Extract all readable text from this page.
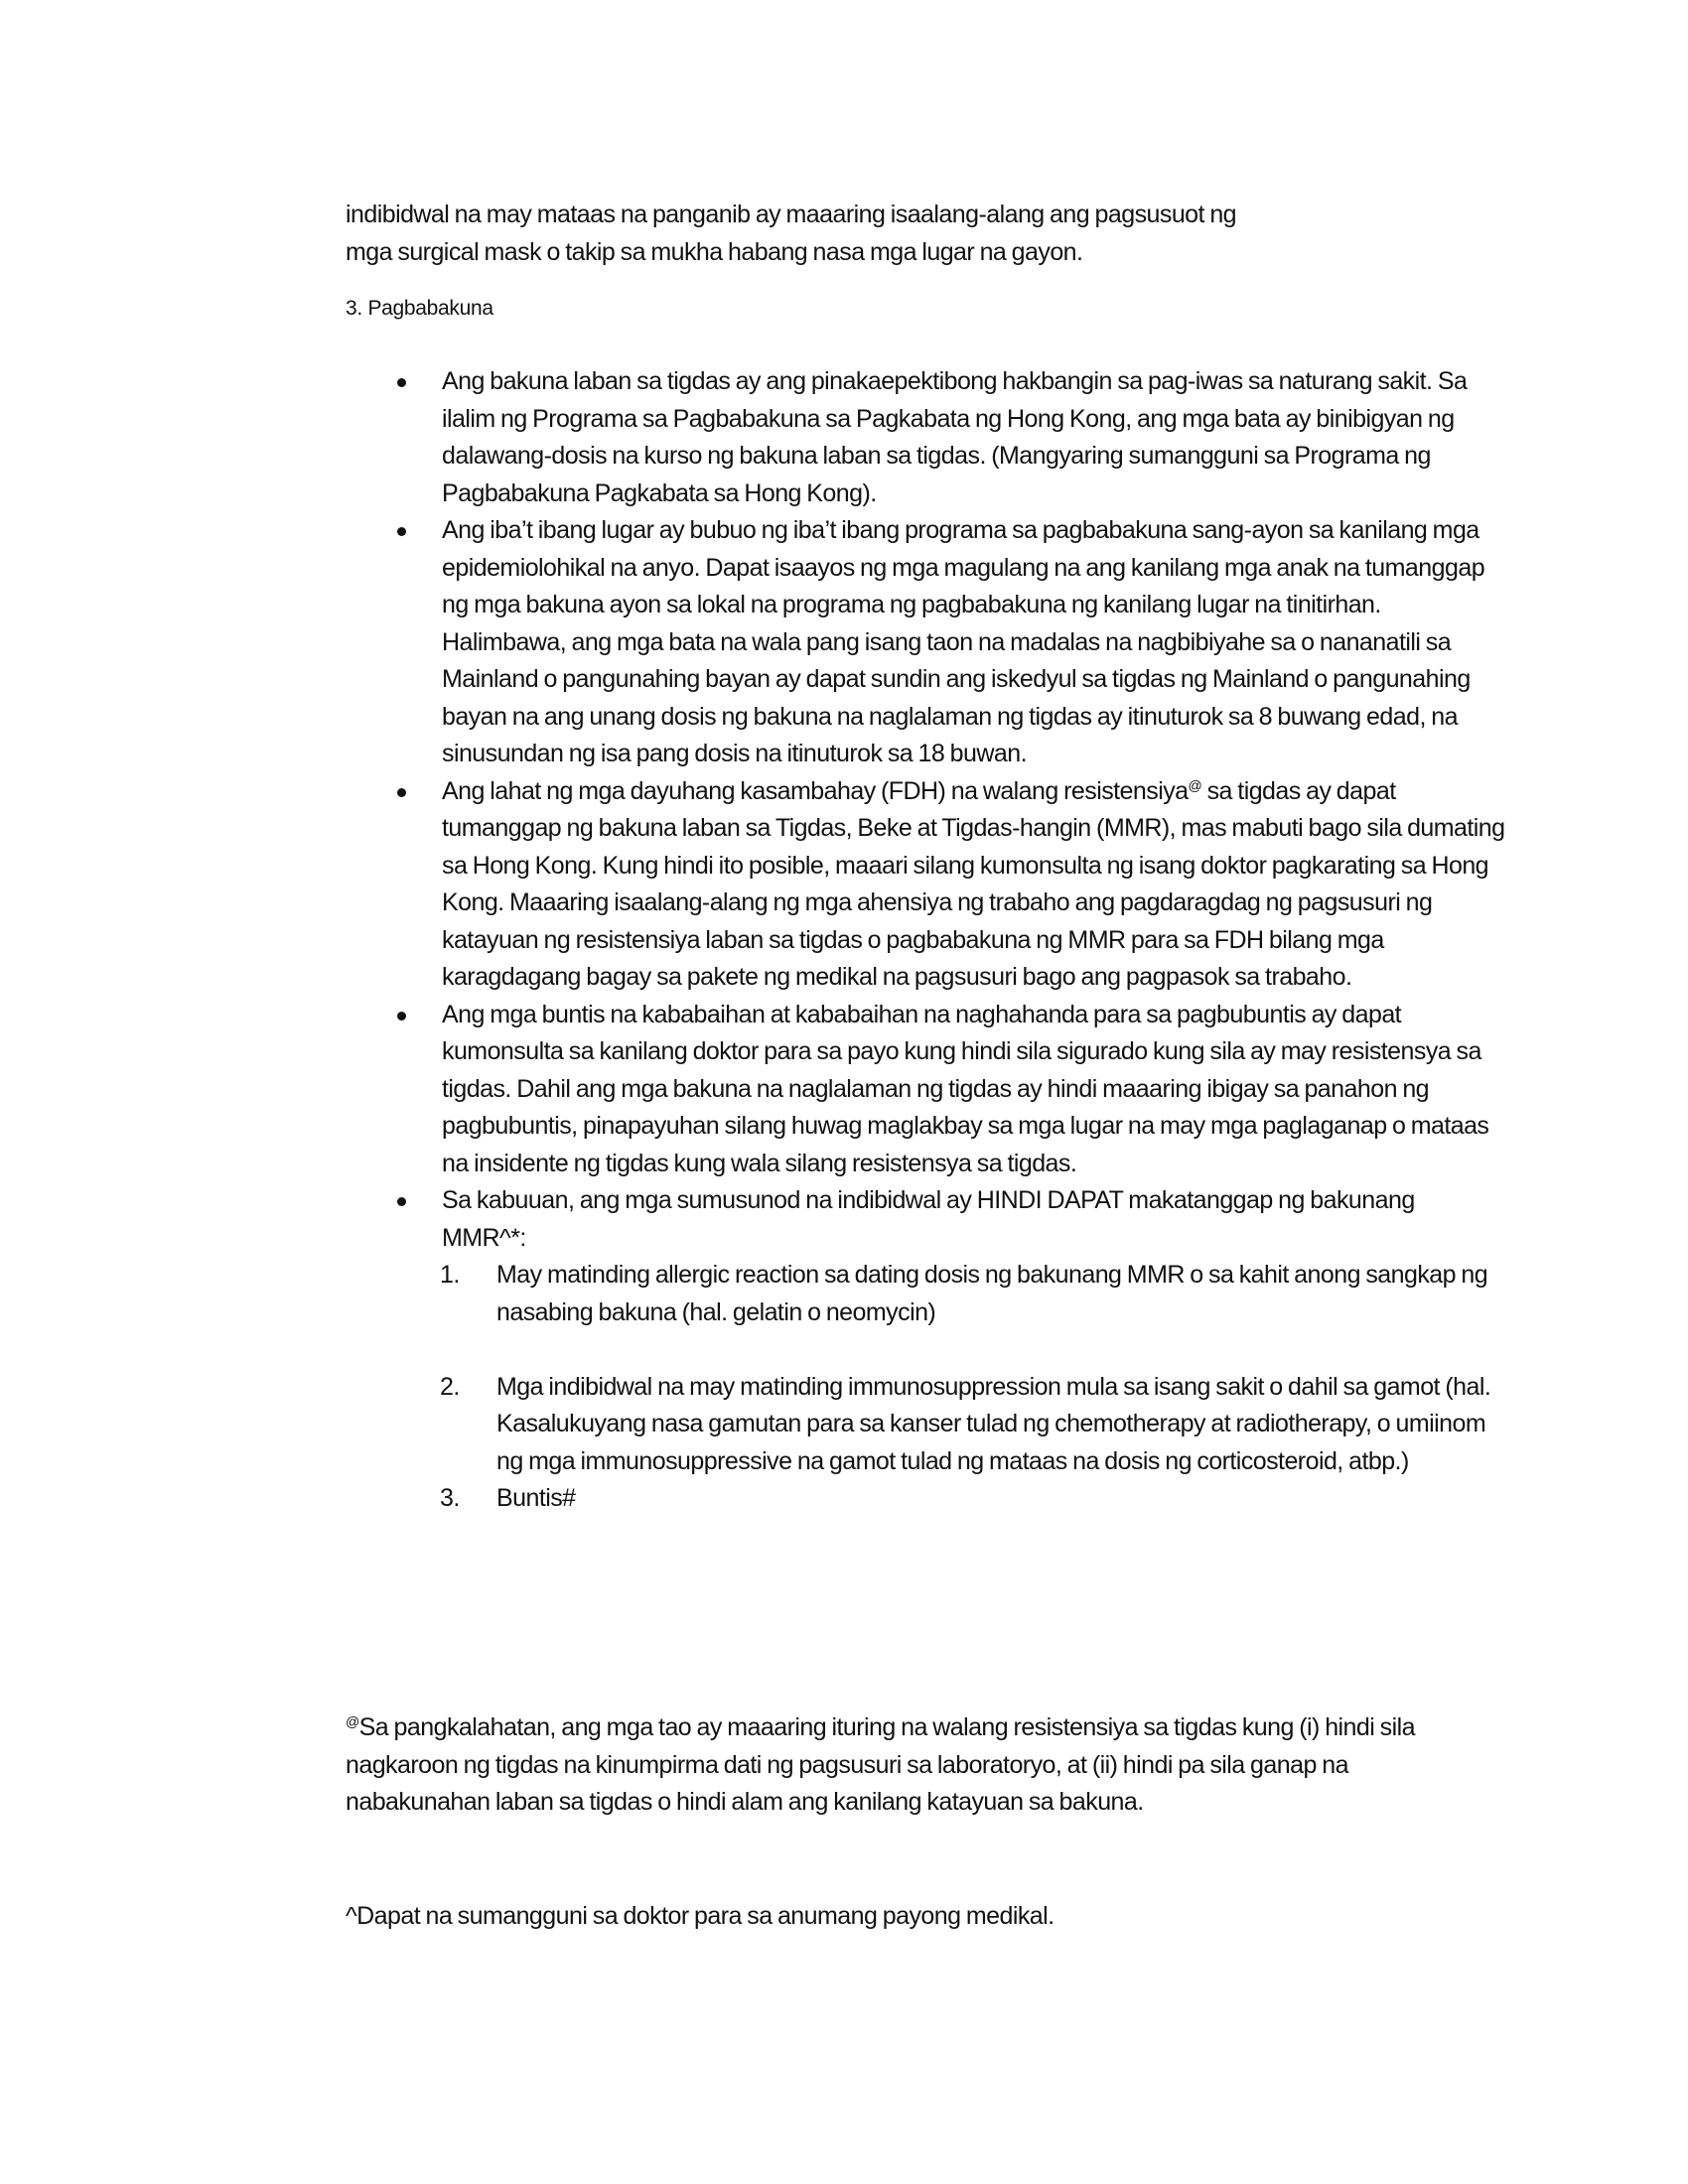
indibidwal na may mataas na panganib ay maaaring isaalang-alang ang pagsusuot ng
mga surgical mask o takip sa mukha habang nasa mga lugar na gayon.
3. Pagbabakuna
Ang bakuna laban sa tigdas ay ang pinakaepektibong hakbangin sa pag-iwas sa naturang sakit. Sa ilalim ng Programa sa Pagbabakuna sa Pagkabata ng Hong Kong, ang mga bata ay binibigyan ng dalawang-dosis na kurso ng bakuna laban sa tigdas. (Mangyaring sumangguni sa Programa ng Pagbabakuna Pagkabata sa Hong Kong).
Ang iba’t ibang lugar ay bubuo ng iba’t ibang programa sa pagbabakuna sang-ayon sa kanilang mga epidemiolohikal na anyo. Dapat isaayos ng mga magulang na ang kanilang mga anak na tumanggap ng mga bakuna ayon sa lokal na programa ng pagbabakuna ng kanilang lugar na tinitirhan. Halimbawa, ang mga bata na wala pang isang taon na madalas na nagbibiyahe sa o nananatili sa Mainland o pangunahing bayan ay dapat sundin ang iskedyul sa tigdas ng Mainland o pangunahing bayan na ang unang dosis ng bakuna na naglalaman ng tigdas ay itinuturok sa 8 buwang edad, na sinusundan ng isa pang dosis na itinuturok sa 18 buwan.
Ang lahat ng mga dayuhang kasambahay (FDH) na walang resistensiya@ sa tigdas ay dapat tumanggap ng bakuna laban sa Tigdas, Beke at Tigdas-hangin (MMR), mas mabuti bago sila dumating sa Hong Kong. Kung hindi ito posible, maaari silang kumonsulta ng isang doktor pagkarating sa Hong Kong. Maaaring isaalang-alang ng mga ahensiya ng trabaho ang pagdaragdag ng pagsusuri ng katayuan ng resistensiya laban sa tigdas o pagbabakuna ng MMR para sa FDH bilang mga karagdagang bagay sa pakete ng medikal na pagsusuri bago ang pagpasok sa trabaho.
Ang mga buntis na kababaihan at kababaihan na naghahanda para sa pagbubuntis ay dapat kumonsulta sa kanilang doktor para sa payo kung hindi sila sigurado kung sila ay may resistensya sa tigdas. Dahil ang mga bakuna na naglalaman ng tigdas ay hindi maaaring ibigay sa panahon ng pagbubuntis, pinapayuhan silang huwag maglakbay sa mga lugar na may mga paglaganap o mataas na insidente ng tigdas kung wala silang resistensya sa tigdas.
Sa kabuuan, ang mga sumusunod na indibidwal ay HINDI DAPAT makatanggap ng bakunang MMR^*:
1. May matinding allergic reaction sa dating dosis ng bakunang MMR o sa kahit anong sangkap ng nasabing bakuna (hal. gelatin o neomycin)
2. Mga indibidwal na may matinding immunosuppression mula sa isang sakit o dahil sa gamot (hal. Kasalukuyang nasa gamutan para sa kanser tulad ng chemotherapy at radiotherapy, o umiinom ng mga immunosuppressive na gamot tulad ng mataas na dosis ng corticosteroid, atbp.)
3. Buntis#
@Sa pangkalahatan, ang mga tao ay maaaring ituring na walang resistensiya sa tigdas kung (i) hindi sila nagkaroon ng tigdas na kinumpirma dati ng pagsusuri sa laboratoryo, at (ii) hindi pa sila ganap na nabakunahan laban sa tigdas o hindi alam ang kanilang katayuan sa bakuna.
^Dapat na sumangguni sa doktor para sa anumang payong medikal.
